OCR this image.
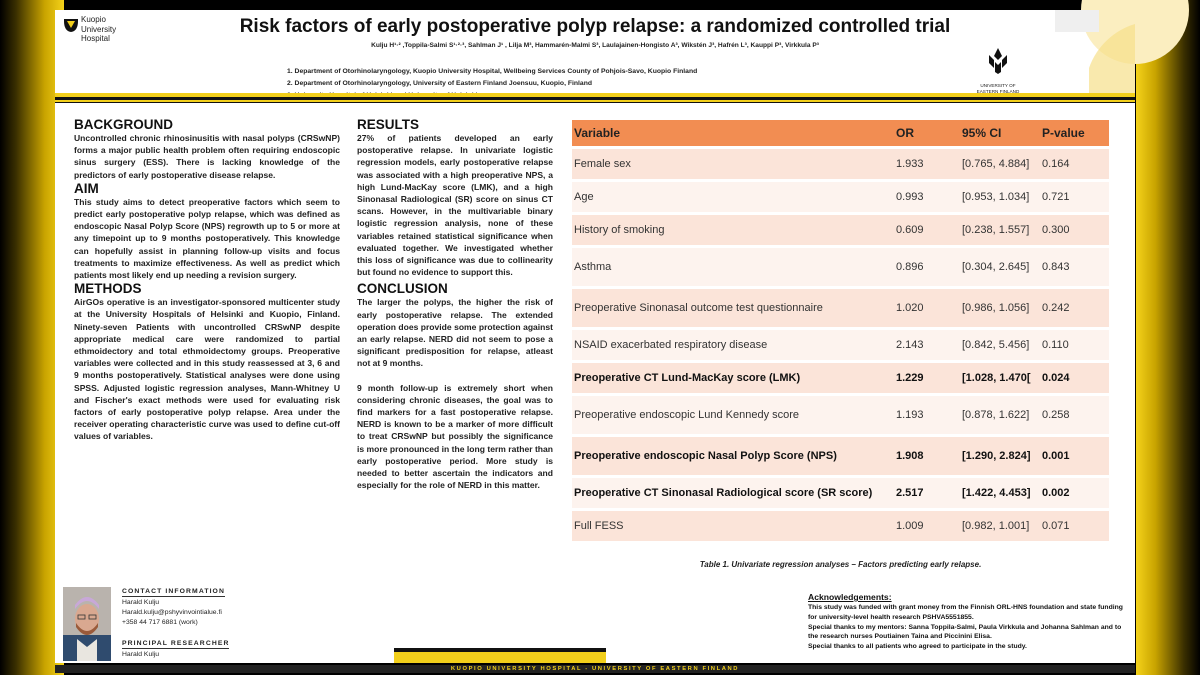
Kuopio
University
Hospital
Risk factors of early postoperative polyp relapse: a randomized controlled trial
Kulju H¹·² ,Toppila-Salmi S¹·²·³, Sahlman J¹ , Lilja M³, Hammarén-Malmi S³, Laulajainen-Hongisto A³, Wikstén J³, Hafrén L³, Kauppi P³, Virkkula P³
1. Department of Otorhinolaryngology, Kuopio University Hospital, Wellbeing Services County of Pohjois-Savo, Kuopio Finland
2. Department of Otorhinolaryngology, University of Eastern Finland Joensuu, Kuopio, Finland	UNIVERSITY OF
EASTERN FINLAND
BACKGROUND

Uncontrolled chronic rhinosinusitis with nasal polyps (CRSwNP) forms a major public health problem often requiring endoscopic sinus surgery (ESS). There is lacking knowledge of the predictors of early postoperative disease relapse.

AIM

This study aims to detect preoperative factors which seem to predict early postoperative polyp relapse, which was defined as endoscopic Nasal Polyp Score (NPS) regrowth up to 5 or more at any timepoint up to 9 months postoperatively. This knowledge can hopefully assist in planning follow-up visits and focus treatments to maximize effectiveness. As well as predict which patients most likely end up needing a revision surgery.

METHODS

AirGOs operative is an investigator-sponsored multicenter study at the University Hospitals of Helsinki and Kuopio, Finland. Ninety-seven Patients with uncontrolled CRSwNP despite appropriate medical care were randomized to partial ethmoidectory and total ethmoidectomy groups. Preoperative variables were collected and in this study reassessed at 3, 6 and 9 months postoperatively. Statistical analyses were done using SPSS. Adjusted logistic regression analyses, Mann-Whitney U and Fischer's exact methods were used for evaluating risk factors of early postoperative polyp relapse. Area under the receiver operating characteristic curve was used to define cut-off values of variables.

CONTACT INFORMATION
Harald Kulju
Harald.kulju@pshyvinvointialue.fi
+358 44 717 6881 (work)
PRINCIPAL RESEARCHER
Harald Kulju
RESULTS

27% of patients developed an early postoperative relapse. In univariate logistic regression models, early postoperative relapse was associated with a high preoperative NPS, a high Lund-MacKay score (LMK), and a high Sinonasal Radiological (SR) score on sinus CT scans. However, in the multivariable binary logistic regression analysis, none of these variables retained statistical significance when evaluated together. We investigated whether this loss of significance was due to collinearity but found no evidence to support this.

CONCLUSION

The larger the polyps, the higher the risk of early postoperative relapse. The extended operation does provide some protection against an early relapse. NERD did not seem to pose a significant predisposition for relapse, atleast not at 9 months.

9 month follow-up is extremely short when considering chronic diseases, the goal was to find markers for a fast postoperative relapse. NERD is known to be a marker of more difficult to treat CRSwNP but possibly the significance is more pronounced in the long term rather than early postoperative period. More study is needed to better ascertain the indicators and especially for the role of NERD in this matter.

Variable	OR	95% CI	P-value
Female sex	1.933	[0.765, 4.884]	0.164
Age	0.993	[0.953, 1.034]	0.721
History of smoking	0.609	[0.238, 1.557]	0.300
Asthma	0.896	[0.304, 2.645]	0.843
Preoperative Sinonasal outcome test questionnaire	1.020	[0.986, 1.056]	0.242
NSAID exacerbated respiratory disease	2.143	[0.842, 5.456]	0.110
Preoperative CT Lund-MacKay score (LMK)	1.229	[1.028, 1.470[	0.024
Preoperative endoscopic Lund Kennedy score	1.193	[0.878, 1.622]	0.258
Preoperative endoscopic Nasal Polyp Score (NPS)	1.908	[1.290, 2.824]	0.001
Preoperative CT Sinonasal Radiological score (SR score)	2.517	[1.422, 4.453]	0.002
Full FESS	1.009	[0.982, 1.001]	0.071
Table 1. Univariate regression analyses – Factors predicting early relapse.
Acknowledgements:
This study was funded with grant money from the Finnish ORL-HNS foundation and state funding for university-level health research PSHVA5551855.
Special thanks to my mentors: Sanna Toppila-Salmi, Paula Virkkula and Johanna Sahlman and to the research nurses Poutiainen Taina and Piccinini Elisa.
Special thanks to all patients who agreed to participate in the study.
KUOPIO UNIVERSITY HOSPITAL - UNIVERSITY OF EASTERN FINLAND
